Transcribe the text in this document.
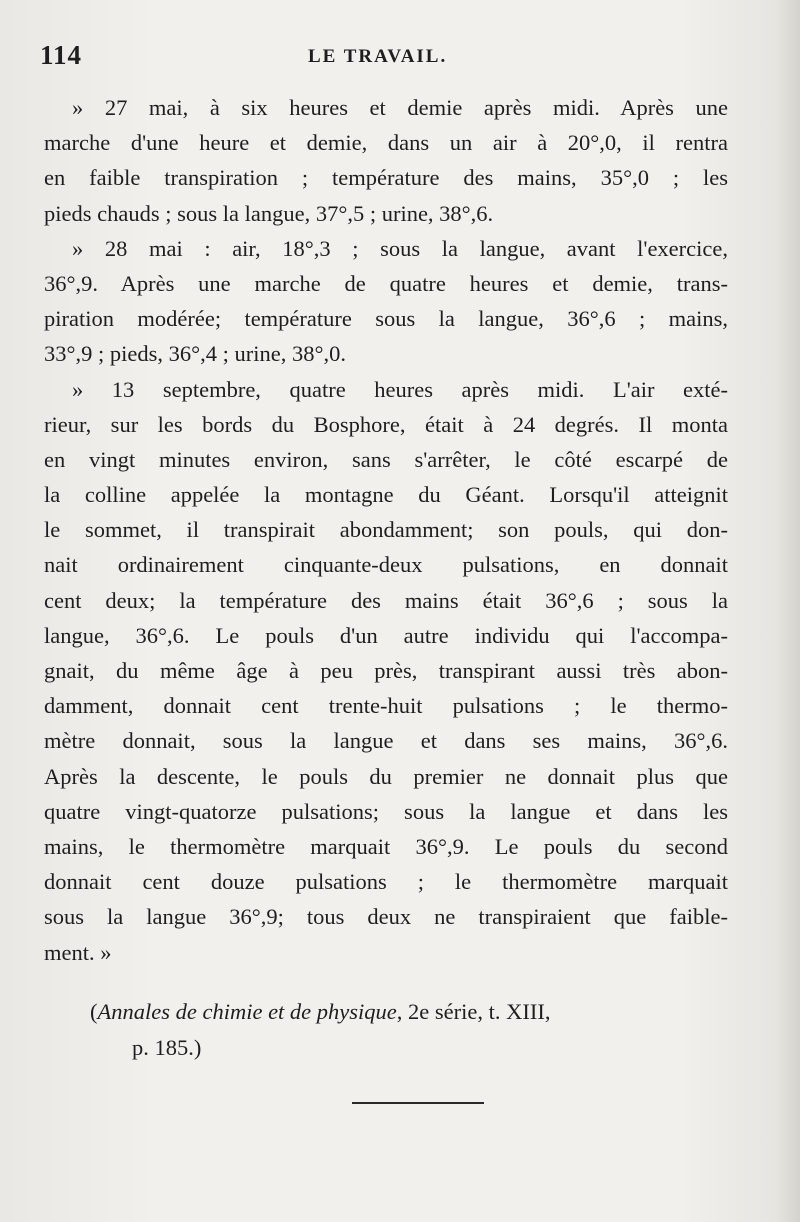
114	LE TRAVAIL.
» 27 mai, à six heures et demie après midi. Après une
marche d'une heure et demie, dans un air à 20°,0, il rentra
en faible transpiration ; température des mains, 35°,0 ; les
pieds chauds ; sous la langue, 37°,5 ; urine, 38°,6.
» 28 mai : air, 18°,3 ; sous la langue, avant l'exercice,
36°,9. Après une marche de quatre heures et demie, trans-
piration modérée; température sous la langue, 36°,6 ; mains,
33°,9 ; pieds, 36°,4 ; urine, 38°,0.
» 13 septembre, quatre heures après midi. L'air exté-
rieur, sur les bords du Bosphore, était à 24 degrés. Il monta
en vingt minutes environ, sans s'arrêter, le côté escarpé de
la colline appelée la montagne du Géant. Lorsqu'il atteignit
le sommet, il transpirait abondamment; son pouls, qui don-
nait ordinairement cinquante-deux pulsations, en donnait
cent deux; la température des mains était 36°,6 ; sous la
langue, 36°,6. Le pouls d'un autre individu qui l'accompa-
gnait, du même âge à peu près, transpirant aussi très abon-
damment, donnait cent trente-huit pulsations ; le thermo-
mètre donnait, sous la langue et dans ses mains, 36°,6.
Après la descente, le pouls du premier ne donnait plus que
quatre vingt-quatorze pulsations; sous la langue et dans les
mains, le thermomètre marquait 36°,9. Le pouls du second
donnait cent douze pulsations ; le thermomètre marquait
sous la langue 36°,9; tous deux ne transpiraient que faible-
ment. »
(Annales de chimie et de physique, 2e série, t. XIII,
p. 185.)
